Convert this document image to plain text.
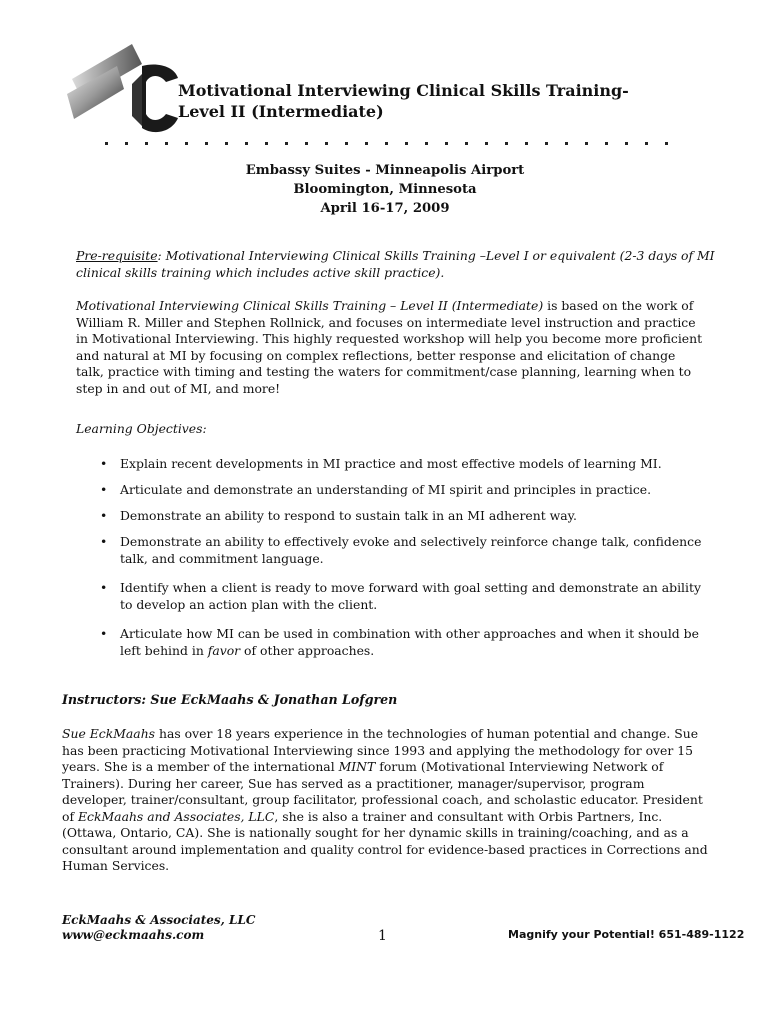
Motivational Interviewing Clinical Skills Training-
Level II (Intermediate)
Embassy Suites - Minneapolis Airport
Bloomington, Minnesota
April 16-17, 2009
Pre-requisite: Motivational Interviewing Clinical Skills Training –Level I or equivalent (2-3 days of MI clinical skills training which includes active skill practice).
Motivational Interviewing Clinical Skills Training – Level II (Intermediate) is based on the work of William R. Miller and Stephen Rollnick, and focuses on intermediate level instruction and practice in Motivational Interviewing. This highly requested workshop will help you become more proficient and natural at MI by focusing on complex reflections, better response and elicitation of change talk, practice with timing and testing the waters for commitment/case planning, learning when to step in and out of MI, and more!
Learning Objectives:
• Explain recent developments in MI practice and most effective models of learning MI.
• Articulate and demonstrate an understanding of MI spirit and principles in practice.
• Demonstrate an ability to respond to sustain talk in an MI adherent way.
• Demonstrate an ability to effectively evoke and selectively reinforce change talk, confidence talk, and commitment language.
• Identify when a client is ready to move forward with goal setting and demonstrate an ability to develop an action plan with the client.
• Articulate how MI can be used in combination with other approaches and when it should be left behind in favor of other approaches.
Instructors: Sue EckMaahs & Jonathan Lofgren
Sue EckMaahs has over 18 years experience in the technologies of human potential and change. Sue has been practicing Motivational Interviewing since 1993 and applying the methodology for over 15 years. She is a member of the international MINT forum (Motivational Interviewing Network of Trainers). During her career, Sue has served as a practitioner, manager/supervisor, program developer, trainer/consultant, group facilitator, professional coach, and scholastic educator. President of EckMaahs and Associates, LLC, she is also a trainer and consultant with Orbis Partners, Inc. (Ottawa, Ontario, CA). She is nationally sought for her dynamic skills in training/coaching, and as a consultant around implementation and quality control for evidence-based practices in Corrections and Human Services.
EckMaahs & Associates, LLC
www@eckmaahs.com	1	Magnify your Potential! 651-489-1122
